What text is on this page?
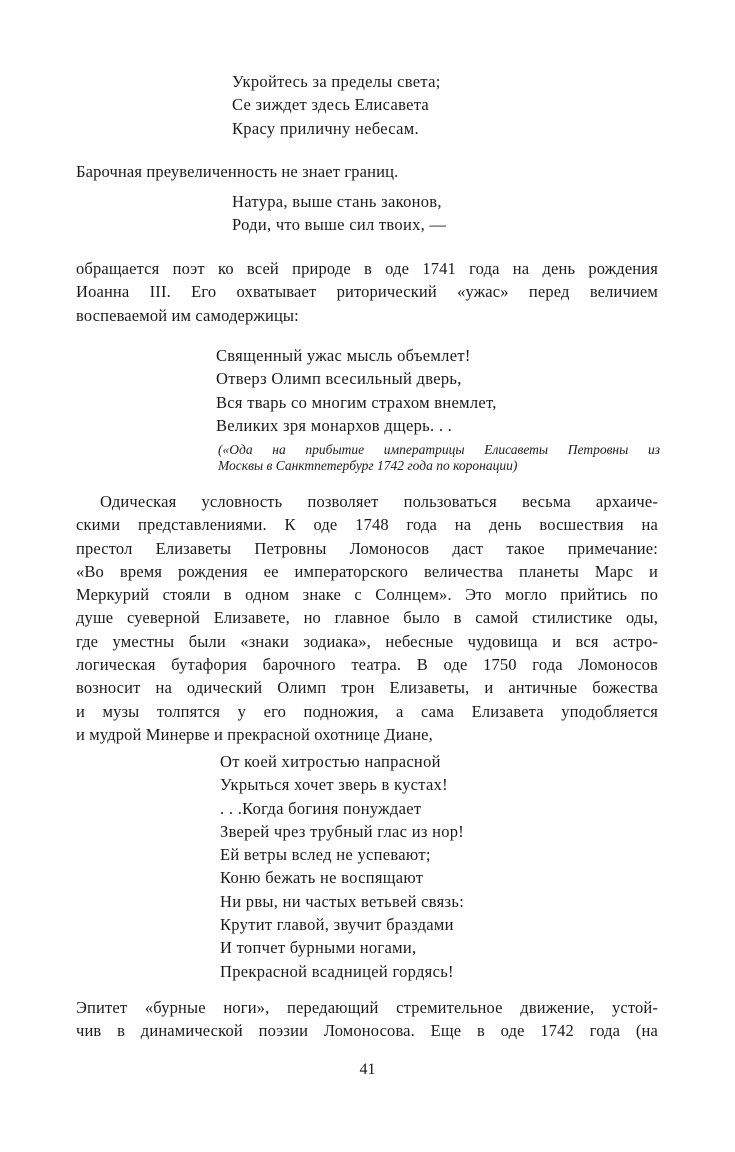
Укройтесь за пределы света;
Се зиждет здесь Елисавета
Красу приличну небесам.
Барочная преувеличенность не знает границ.
Натура, выше стань законов,
Роди, что выше сил твоих, —
обращается поэт ко всей природе в оде 1741 года на день рождения
Иоанна III. Его охватывает риторический «ужас» перед величием
воспеваемой им самодержицы:
Священный ужас мысль объемлет!
Отверз Олимп всесильный дверь,
Вся тварь со многим страхом внемлет,
Великих зря монархов дщерь. . .
(«Ода на прибытие императрицы Елисаветы Петровны из
Москвы в Санктпетербург 1742 года по коронации)
Одическая условность позволяет пользоваться весьма архаиче-
скими представлениями. К оде 1748 года на день восшествия на
престол Елизаветы Петровны Ломоносов даст такое примечание:
«Во время рождения ее императорского величества планеты Марс и
Меркурий стояли в одном знаке с Солнцем». Это могло прийтись по
душе суеверной Елизавете, но главное было в самой стилистике оды,
где уместны были «знаки зодиака», небесные чудовища и вся астро-
логическая бутафория барочного театра. В оде 1750 года Ломоносов
возносит на одический Олимп трон Елизаветы, и античные божества
и музы толпятся у его подножия, а сама Елизавета уподобляется
и мудрой Минерве и прекрасной охотнице Диане,
От коей хитростью напрасной
Укрыться хочет зверь в кустах!
. . .Когда богиня понуждает
Зверей чрез трубный глас из нор!
Ей ветры вслед не успевают;
Коню бежать не воспящают
Ни рвы, ни частых ветьвей связь:
Крутит главой, звучит браздами
И топчет бурными ногами,
Прекрасной всадницей гордясь!
Эпитет «бурные ноги», передающий стремительное движение, устой-
чив в динамической поэзии Ломоносова. Еще в оде 1742 года (на
41
